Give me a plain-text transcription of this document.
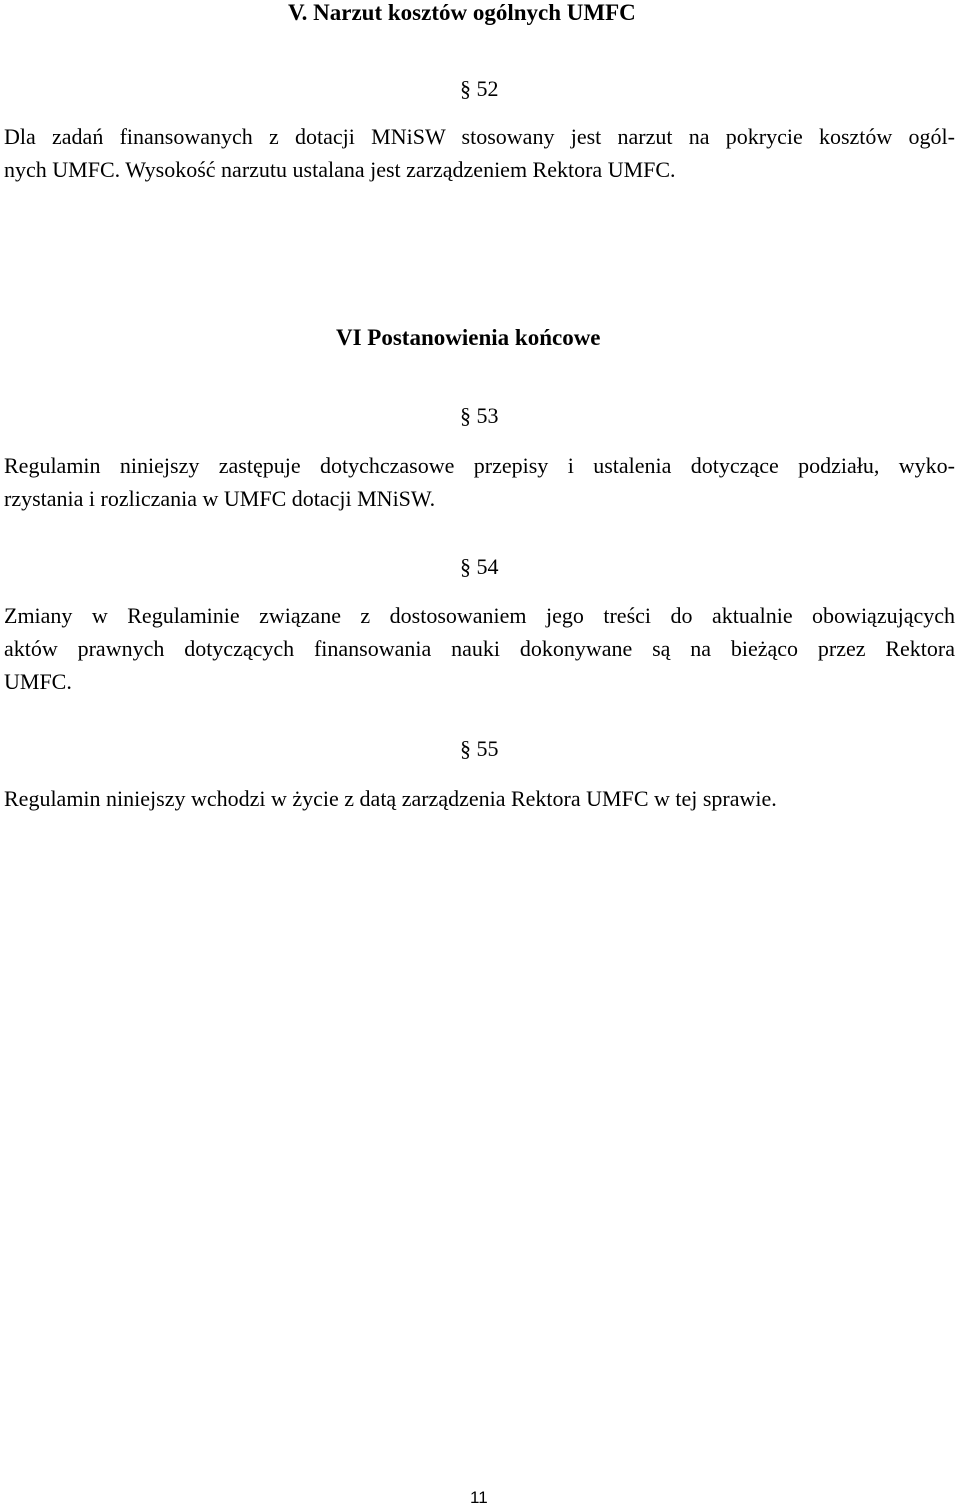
V. Narzut kosztów ogólnych UMFC
§ 52
Dla zadań finansowanych z dotacji MNiSW stosowany jest narzut na pokrycie kosztów ogól-
nych UMFC. Wysokość narzutu ustalana jest zarządzeniem Rektora UMFC.
VI Postanowienia końcowe
§ 53
Regulamin niniejszy zastępuje dotychczasowe przepisy i ustalenia dotyczące podziału, wyko-
rzystania i rozliczania w UMFC dotacji MNiSW.
§ 54
Zmiany w Regulaminie związane z dostosowaniem jego treści do aktualnie obowiązujących
aktów prawnych dotyczących finansowania nauki dokonywane są na bieżąco przez Rektora
UMFC.
§ 55
Regulamin niniejszy wchodzi w życie z datą zarządzenia Rektora UMFC w tej sprawie.
11
